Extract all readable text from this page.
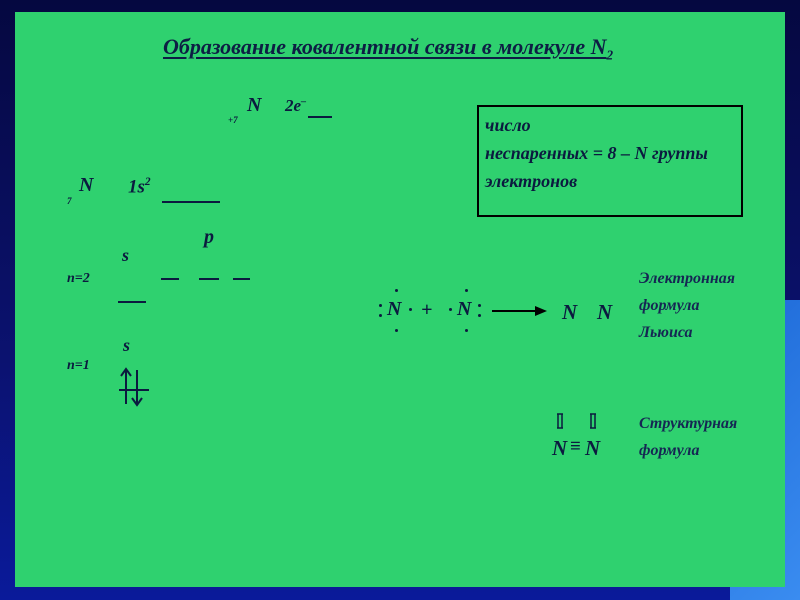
Образование ковалентной связи в молекуле $N_2$
число
неспаренных = 8 – N группы
электронов
+7
N 2e–
7
N $1s^2$
p
s
n=2
s
n=1
N + N	N N
Электронная
формула
Льюиса
N ≡ N
Структурная
формула
